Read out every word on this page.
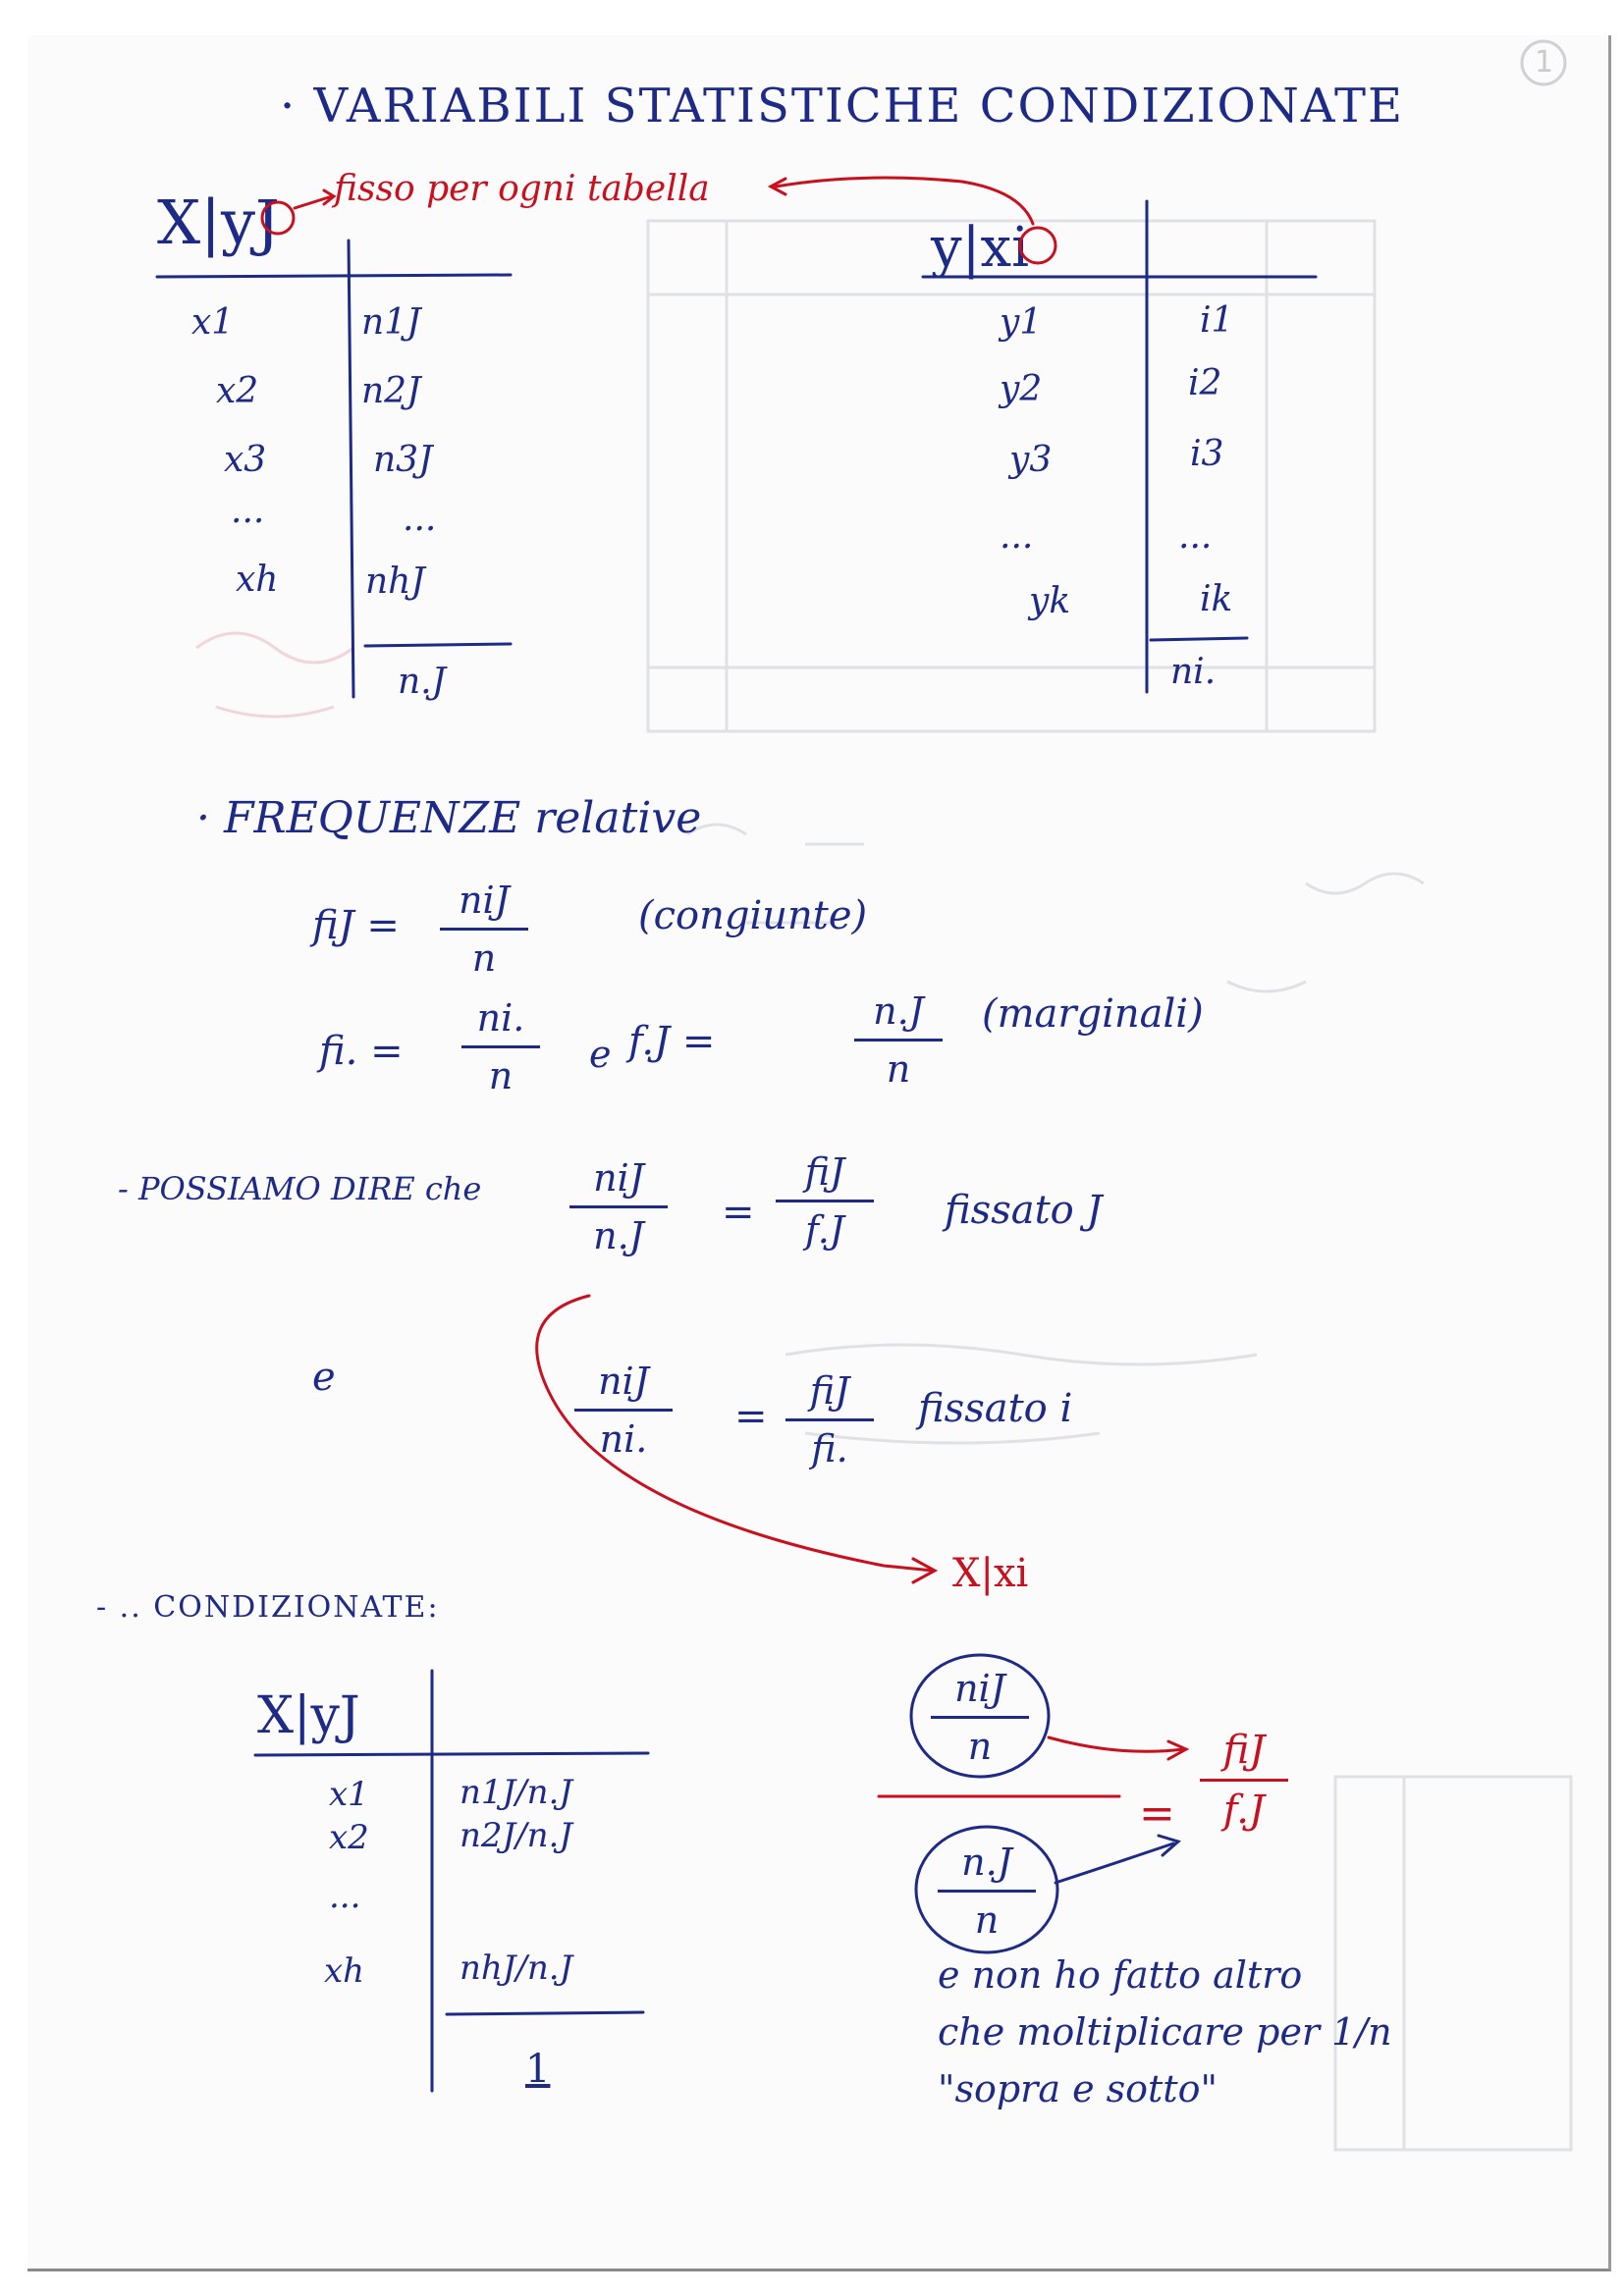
1
· VARIABILI STATISTICHE CONDIZIONATE
X|yJ fisso per ogni tabella
x1	n1J
x2	n2J
x3	n3J
...	...
xh nhJ
n.J
y|xi
y1	i1
y2	i2
y3	i3
...	...
yk	ik
ni.
· FREQUENZE relative
fiJ =
niJ
n
(congiunte)
fi. =
ni.
n e f.J =
n.J
n
(marginali)
- POSSIAMO DIRE che	niJ
n.J
=
fiJ
f.J	fissato J
e	niJ
ni. =
fiJ
fi.
fissato i
X|xi
- .. CONDIZIONATE:
X|yJ
x1	n1J/n.J
x2	n2J/n.J
...
xh	nhJ/n.J
1
niJ
n
n.J
n
=
fiJ
f.J
e non ho fatto altro
che moltiplicare per 1/n
"sopra e sotto"
